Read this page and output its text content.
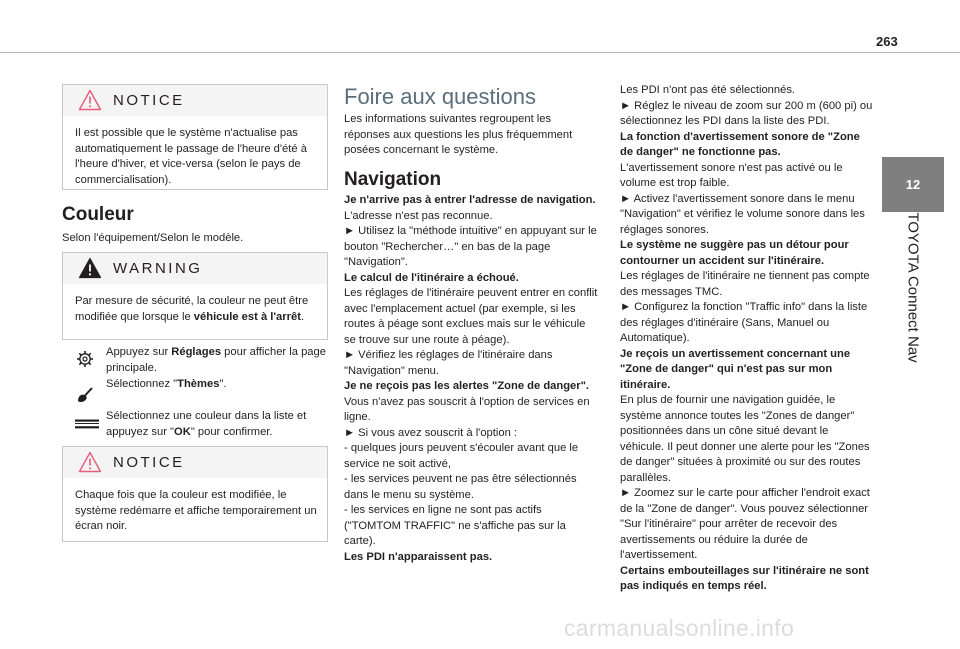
263
12
TOYOTA Connect Nav
NOTICE
Il est possible que le système n'actualise pas automatiquement le passage de l'heure d'été à l'heure d'hiver, et vice-versa (selon le pays de commercialisation).
Couleur

Selon l'équipement/Selon le modèle.

WARNING
Par mesure de sécurité, la couleur ne peut être modifiée que lorsque le véhicule est à l'arrêt.
Appuyez sur Réglages pour afficher la page principale.
Sélectionnez "Thèmes".
Sélectionnez une couleur dans la liste et appuyez sur "OK" pour confirmer.
NOTICE
Chaque fois que la couleur est modifiée, le système redémarre et affiche temporairement un écran noir.
Foire aux questions

Les informations suivantes regroupent les réponses aux questions les plus fréquemment posées concernant le système.

Navigation

Je n'arrive pas à entrer l'adresse de navigation.

L'adresse n'est pas reconnue.

► Utilisez la "méthode intuitive" en appuyant sur le bouton "Rechercher…" en bas de la page "Navigation".

Le calcul de l'itinéraire a échoué.

Les réglages de l'itinéraire peuvent entrer en conflit avec l'emplacement actuel (par exemple, si les routes à péage sont exclues mais sur le véhicule se trouve sur une route à péage).

► Vérifiez les réglages de l'itinéraire dans "Navigation" menu.

Je ne reçois pas les alertes "Zone de danger".

Vous n'avez pas souscrit à l'option de services en ligne.

► Si vous avez souscrit à l'option :

- quelques jours peuvent s'écouler avant que le service ne soit activé,

- les services peuvent ne pas être sélectionnés dans le menu su système.

- les services en ligne ne sont pas actifs ("TOMTOM TRAFFIC" ne s'affiche pas sur la carte).

Les PDI n'apparaissent pas.

Les PDI n'ont pas été sélectionnés.

► Réglez le niveau de zoom sur 200 m (600 pi) ou sélectionnez les PDI dans la liste des PDI.

La fonction d'avertissement sonore de "Zone de danger" ne fonctionne pas.

L'avertissement sonore n'est pas activé ou le volume est trop faible.

► Activez l'avertissement sonore dans le menu "Navigation" et vérifiez le volume sonore dans les réglages sonores.

Le système ne suggère pas un détour pour contourner un accident sur l'itinéraire.

Les réglages de l'itinéraire ne tiennent pas compte des messages TMC.

► Configurez la fonction "Traffic info" dans la liste des réglages d'itinéraire (Sans, Manuel ou Automatique).

Je reçois un avertissement concernant une "Zone de danger" qui n'est pas sur mon itinéraire.

En plus de fournir une navigation guidée, le système annonce toutes les "Zones de danger" positionnées dans un cône situé devant le véhicule. Il peut donner une alerte pour les "Zones de danger" situées à proximité ou sur des routes parallèles.

► Zoomez sur le carte pour afficher l'endroit exact de la "Zone de danger". Vous pouvez sélectionner "Sur l'itinéraire" pour arrêter de recevoir des avertissements ou réduire la durée de l'avertissement.

Certains embouteillages sur l'itinéraire ne sont pas indiqués en temps réel.

carmanualsonline.info
